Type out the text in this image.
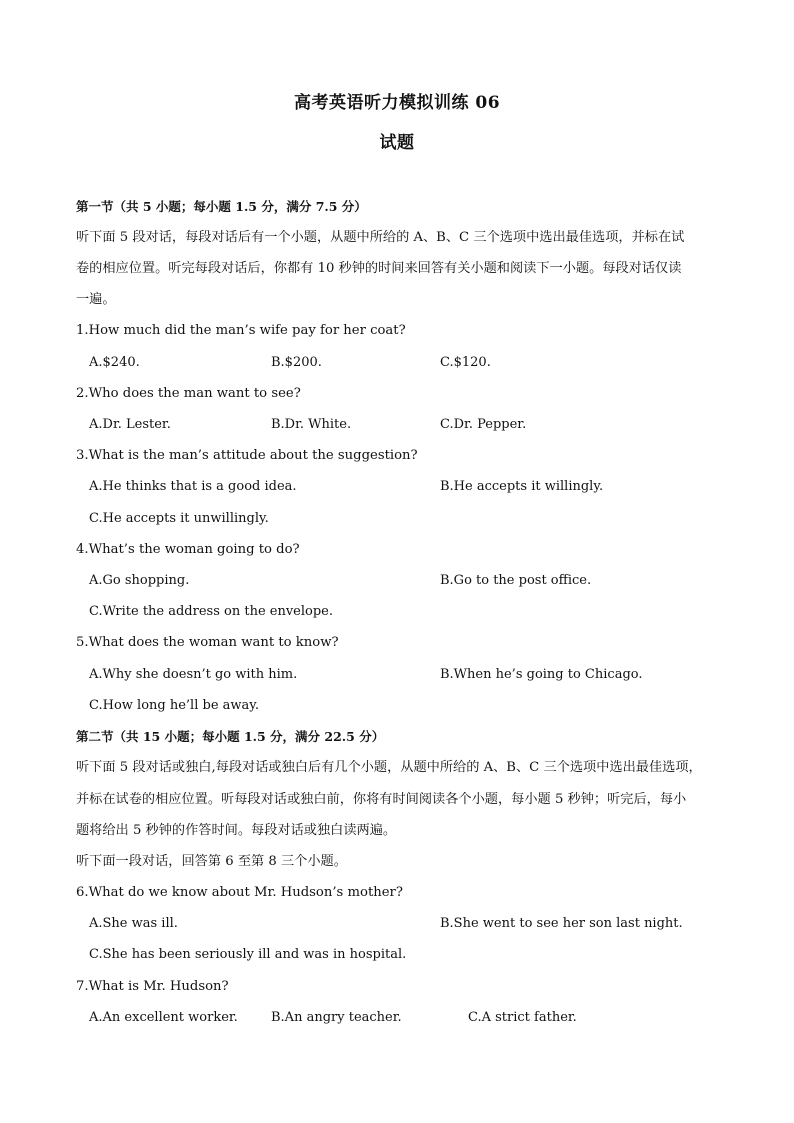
高考英语听力模拟训练 06
试题
第一节（共 5 小题；每小题 1.5 分，满分 7.5 分）
听下面 5 段对话，每段对话后有一个小题，从题中所给的 A、B、C 三个选项中选出最佳选项，并标在试
卷的相应位置。听完每段对话后，你都有 10 秒钟的时间来回答有关小题和阅读下一小题。每段对话仅读
一遍。
1.How much did the man’s wife pay for her coat?
A.$240.	B.$200.	C.$120.
2.Who does the man want to see?
A.Dr. Lester.	B.Dr. White.	C.Dr. Pepper.
3.What is the man’s attitude about the suggestion?
A.He thinks that is a good idea.	B.He accepts it willingly.
C.He accepts it unwillingly.
4.What’s the woman going to do?
A.Go shopping.	B.Go to the post office.
C.Write the address on the envelope.
5.What does the woman want to know?
A.Why she doesn’t go with him.	B.When he’s going to Chicago.
C.How long he’ll be away.
第二节（共 15 小题；每小题 1.5 分，满分 22.5 分）
听下面 5 段对话或独白,每段对话或独白后有几个小题，从题中所给的 A、B、C 三个选项中选出最佳选项，
并标在试卷的相应位置。听每段对话或独白前，你将有时间阅读各个小题，每小题 5 秒钟；听完后，每小
题将给出 5 秒钟的作答时间。每段对话或独白读两遍。
听下面一段对话，回答第 6 至第 8 三个小题。
6.What do we know about Mr. Hudson’s mother?
A.She was ill.	B.She went to see her son last night.
C.She has been seriously ill and was in hospital.
7.What is Mr. Hudson?
A.An excellent worker.	B.An angry teacher.	C.A strict father.
